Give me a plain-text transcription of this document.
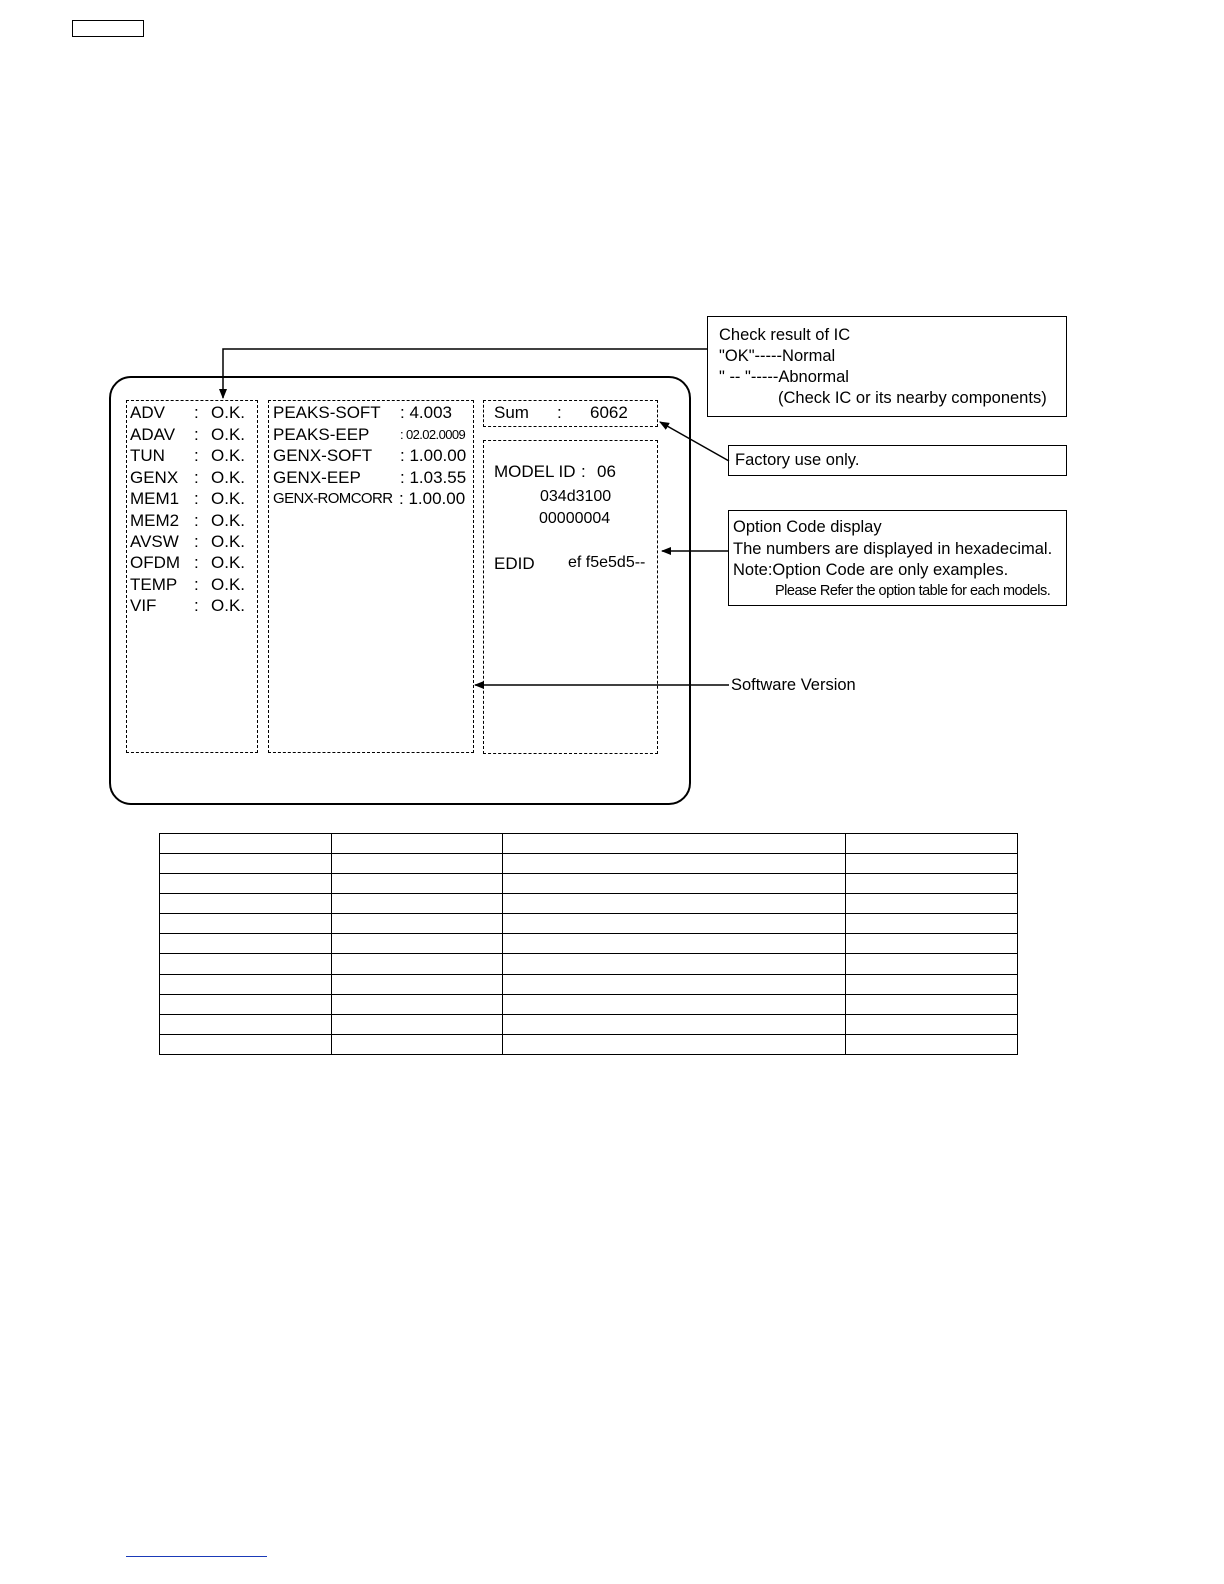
ADV : O.K.
ADAV : O.K.
TUN : O.K.
GENX : O.K.
MEM1 : O.K.
MEM2 : O.K.
AVSW : O.K.
OFDM : O.K.
TEMP : O.K.
VIF : O.K.
PEAKS-SOFT : 4.003
PEAKS-EEP : 02.02.0009
GENX-SOFT : 1.00.00
GENX-EEP : 1.03.55
GENX-ROMCORR : 1.00.00
Sum : 6062
MODEL ID : 06
034d3100
00000004
EDID ef f5e5d5--
Check result of IC
"OK"-----Normal
" -- "-----Abnormal
(Check IC or its nearby components)
Factory use only.
Option Code display
The numbers are displayed in hexadecimal.
Note:Option Code are only examples.
Please Refer the option table for each models.
Software Version
